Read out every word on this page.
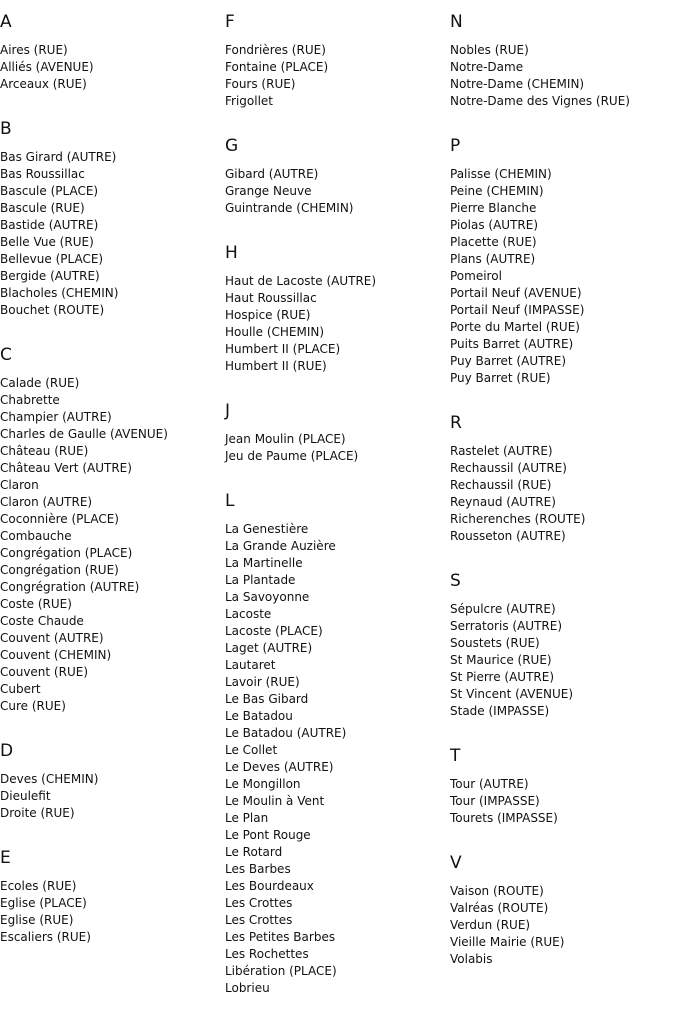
A
Aires (RUE)
Alliés (AVENUE)
Arceaux (RUE)
B
Bas Girard (AUTRE)
Bas Roussillac
Bascule (PLACE)
Bascule (RUE)
Bastide (AUTRE)
Belle Vue (RUE)
Bellevue (PLACE)
Bergide (AUTRE)
Blacholes (CHEMIN)
Bouchet (ROUTE)
C
Calade (RUE)
Chabrette
Champier (AUTRE)
Charles de Gaulle (AVENUE)
Château (RUE)
Château Vert (AUTRE)
Claron
Claron (AUTRE)
Coconnière (PLACE)
Combauche
Congrégation (PLACE)
Congrégation (RUE)
Congrégration (AUTRE)
Coste (RUE)
Coste Chaude
Couvent (AUTRE)
Couvent (CHEMIN)
Couvent (RUE)
Cubert
Cure (RUE)
D
Deves (CHEMIN)
Dieulefit
Droite (RUE)
E
Ecoles (RUE)
Eglise (PLACE)
Eglise (RUE)
Escaliers (RUE)
F
Fondrières (RUE)
Fontaine (PLACE)
Fours (RUE)
Frigollet
G
Gibard (AUTRE)
Grange Neuve
Guintrande (CHEMIN)
H
Haut de Lacoste (AUTRE)
Haut Roussillac
Hospice (RUE)
Houlle (CHEMIN)
Humbert II (PLACE)
Humbert II (RUE)
J
Jean Moulin (PLACE)
Jeu de Paume (PLACE)
L
La Genestière
La Grande Auzière
La Martinelle
La Plantade
La Savoyonne
Lacoste
Lacoste (PLACE)
Laget (AUTRE)
Lautaret
Lavoir (RUE)
Le Bas Gibard
Le Batadou
Le Batadou (AUTRE)
Le Collet
Le Deves (AUTRE)
Le Mongillon
Le Moulin à Vent
Le Plan
Le Pont Rouge
Le Rotard
Les Barbes
Les Bourdeaux
Les Crottes
Les Crottes
Les Petites Barbes
Les Rochettes
Libération (PLACE)
Lobrieu
N
Nobles (RUE)
Notre-Dame
Notre-Dame (CHEMIN)
Notre-Dame des Vignes (RUE)
P
Palisse (CHEMIN)
Peine (CHEMIN)
Pierre Blanche
Piolas (AUTRE)
Placette (RUE)
Plans (AUTRE)
Pomeirol
Portail Neuf (AVENUE)
Portail Neuf (IMPASSE)
Porte du Martel (RUE)
Puits Barret (AUTRE)
Puy Barret (AUTRE)
Puy Barret (RUE)
R
Rastelet (AUTRE)
Rechaussil (AUTRE)
Rechaussil (RUE)
Reynaud (AUTRE)
Richerenches (ROUTE)
Rousseton (AUTRE)
S
Sépulcre (AUTRE)
Serratoris (AUTRE)
Soustets (RUE)
St Maurice (RUE)
St Pierre (AUTRE)
St Vincent (AVENUE)
Stade (IMPASSE)
T
Tour (AUTRE)
Tour (IMPASSE)
Tourets (IMPASSE)
V
Vaison (ROUTE)
Valréas (ROUTE)
Verdun (RUE)
Vieille Mairie (RUE)
Volabis
